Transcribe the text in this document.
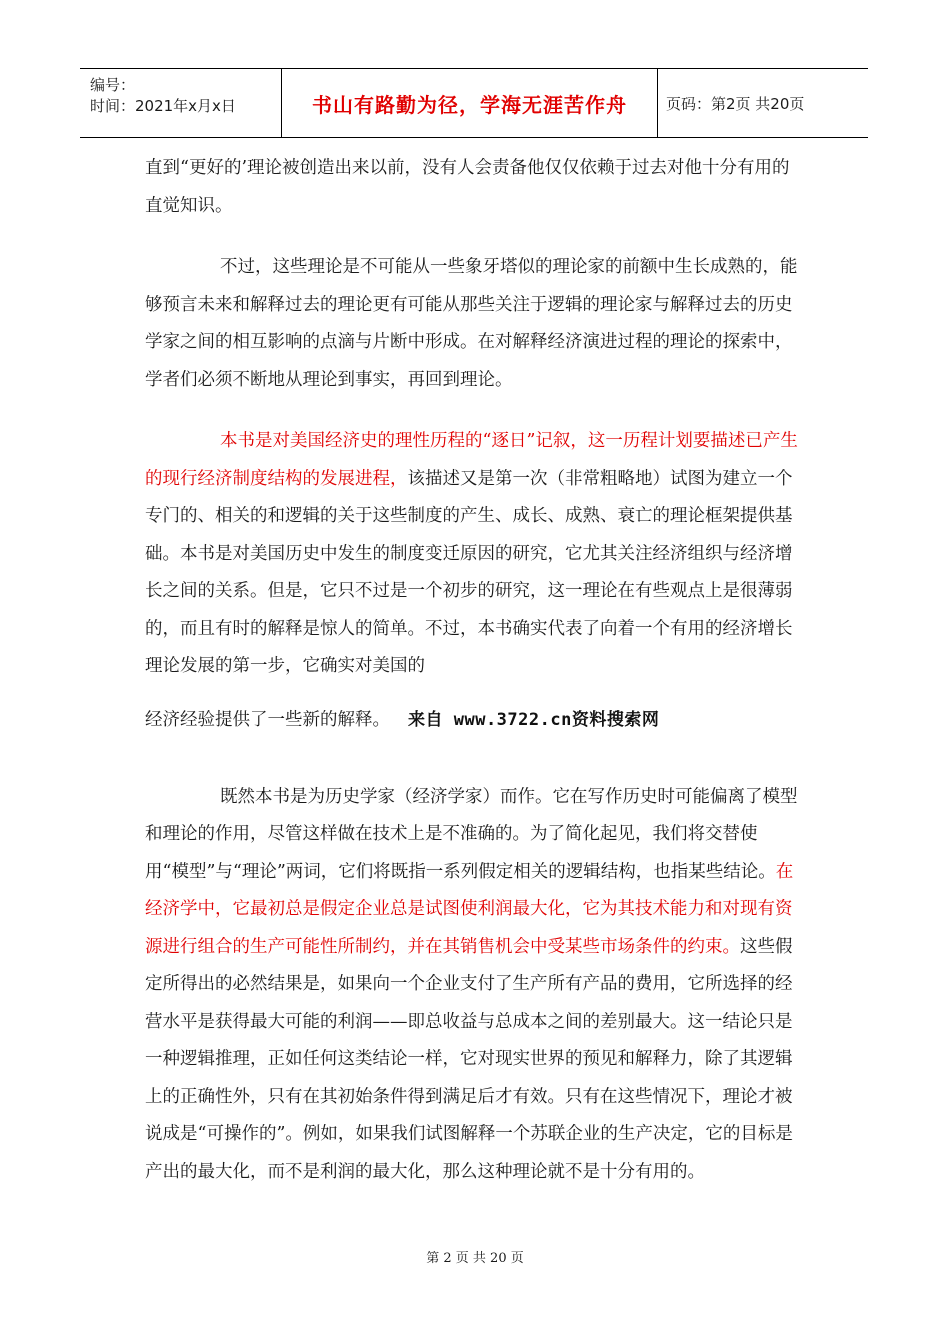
编号：
时间：2021年x月x日	书山有路勤为径，学海无涯苦作舟	页码：第2页 共20页

直到“更好的’理论被创造出来以前，没有人会责备他仅仅依赖于过去对他十分有用的直觉知识。

不过，这些理论是不可能从一些象牙塔似的理论家的前额中生长成熟的，能够预言未来和解释过去的理论更有可能从那些关注于逻辑的理论家与解释过去的历史学家之间的相互影响的点滴与片断中形成。在对解释经济演进过程的理论的探索中，学者们必须不断地从理论到事实，再回到理论。

本书是对美国经济史的理性历程的“逐日”记叙，这一历程计划要描述已产生的现行经济制度结构的发展进程，该描述又是第一次（非常粗略地）试图为建立一个专门的、相关的和逻辑的关于这些制度的产生、成长、成熟、衰亡的理论框架提供基础。本书是对美国历史中发生的制度变迁原因的研究，它尤其关注经济组织与经济增长之间的关系。但是，它只不过是一个初步的研究，这一理论在有些观点上是很薄弱的，而且有时的解释是惊人的简单。不过，本书确实代表了向着一个有用的经济增长理论发展的第一步，它确实对美国的

经济经验提供了一些新的解释。 来自 www.3722.cn资料搜索网

既然本书是为历史学家（经济学家）而作。它在写作历史时可能偏离了模型和理论的作用，尽管这样做在技术上是不准确的。为了简化起见，我们将交替使用“模型”与“理论”两词，它们将既指一系列假定相关的逻辑结构，也指某些结论。在经济学中，它最初总是假定企业总是试图使利润最大化，它为其技术能力和对现有资源进行组合的生产可能性所制约，并在其销售机会中受某些市场条件的约束。这些假定所得出的必然结果是，如果向一个企业支付了生产所有产品的费用，它所选择的经营水平是获得最大可能的利润——即总收益与总成本之间的差别最大。这一结论只是一种逻辑推理，正如任何这类结论一样，它对现实世界的预见和解释力，除了其逻辑上的正确性外，只有在其初始条件得到满足后才有效。只有在这些情况下，理论才被说成是“可操作的”。例如，如果我们试图解释一个苏联企业的生产决定，它的目标是产出的最大化，而不是利润的最大化，那么这种理论就不是十分有用的。

第 2 页 共 20 页
